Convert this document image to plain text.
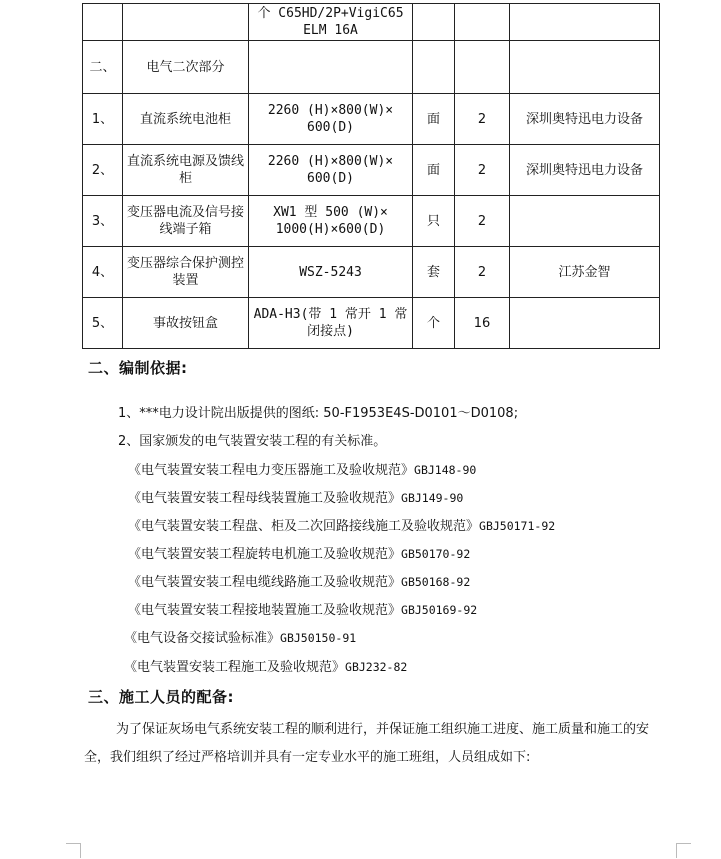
		个 C65HD/2P+VigiC65 ELM 16A			
二、	电气二次部分				
1、	直流系统电池柜	2260 (H)×800(W)× 600(D)	面	2	深圳奥特迅电力设备
2、	直流系统电源及馈线柜	2260 (H)×800(W)× 600(D)	面	2	深圳奥特迅电力设备
3、	变压器电流及信号接线端子箱	XW1 型 500 (W)× 1000(H)×600(D)	只	2	
4、	变压器综合保护测控装置	WSZ-5243	套	2	江苏金智
5、	事故按钮盒	ADA-H3(带 1 常开 1 常闭接点)	个	16	
二、编制依据:
1、***电力设计院出版提供的图纸: 50-F1953E4S-D0101～D0108;
2、国家颁发的电气装置安装工程的有关标准。
《电气装置安装工程电力变压器施工及验收规范》GBJ148-90
《电气装置安装工程母线装置施工及验收规范》GBJ149-90
《电气装置安装工程盘、柜及二次回路接线施工及验收规范》GBJ50171-92
《电气装置安装工程旋转电机施工及验收规范》GB50170-92
《电气装置安装工程电缆线路施工及验收规范》GB50168-92
《电气装置安装工程接地装置施工及验收规范》GBJ50169-92
《电气设备交接试验标准》GBJ50150-91
《电气装置安装工程施工及验收规范》GBJ232-82
三、施工人员的配备:
为了保证灰场电气系统安装工程的顺利进行，并保证施工组织施工进度、施工质量和施工的安全，我们组织了经过严格培训并具有一定专业水平的施工班组，人员组成如下:
